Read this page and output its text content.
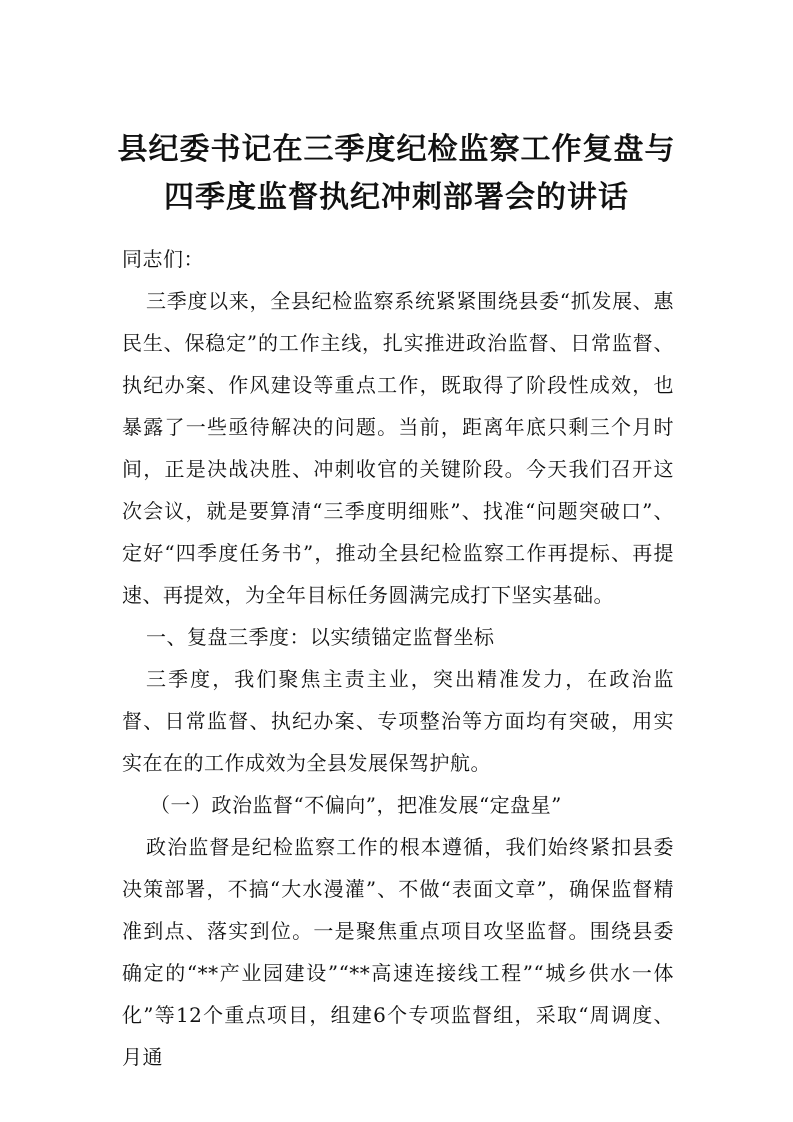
县纪委书记在三季度纪检监察工作复盘与
四季度监督执纪冲刺部署会的讲话

同志们：

三季度以来，全县纪检监察系统紧紧围绕县委“抓发展、惠民生、保稳定”的工作主线，扎实推进政治监督、日常监督、执纪办案、作风建设等重点工作，既取得了阶段性成效，也暴露了一些亟待解决的问题。当前，距离年底只剩三个月时间，正是决战决胜、冲刺收官的关键阶段。今天我们召开这次会议，就是要算清“三季度明细账”、找准“问题突破口”、定好“四季度任务书”，推动全县纪检监察工作再提标、再提速、再提效，为全年目标任务圆满完成打下坚实基础。

一、复盘三季度：以实绩锚定监督坐标

三季度，我们聚焦主责主业，突出精准发力，在政治监督、日常监督、执纪办案、专项整治等方面均有突破，用实实在在的工作成效为全县发展保驾护航。

（一）政治监督“不偏向”，把准发展“定盘星”

政治监督是纪检监察工作的根本遵循，我们始终紧扣县委决策部署，不搞“大水漫灌”、不做“表面文章”，确保监督精准到点、落实到位。一是聚焦重点项目攻坚监督。围绕县委确定的“**产业园建设”“**高速连接线工程”“城乡供水一体化”等12个重点项目，组建6个专项监督组，采取“周调度、月通
